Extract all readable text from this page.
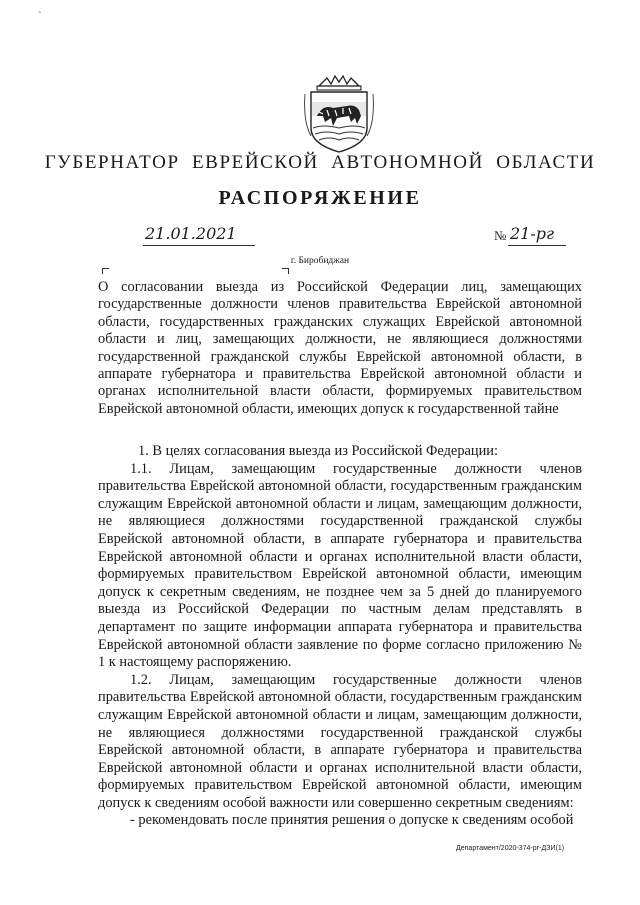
`
ГУБЕРНАТОР ЕВРЕЙСКОЙ АВТОНОМНОЙ ОБЛАСТИ
РАСПОРЯЖЕНИЕ
21.01.2021	№ 21-рг
г. Биробиджан
О согласовании выезда из Российской Федерации лиц, замещающих государственные должности членов правительства Еврейской автономной области, государственных гражданских служащих Еврейской автономной области и лиц, замещающих должности, не являющиеся должностями государственной гражданской службы Еврейской автономной области, в аппарате губернатора и правительства Еврейской автономной области и органах исполнительной власти области, формируемых правительством Еврейской автономной области, имеющих допуск к государственной тайне

1. В целях согласования выезда из Российской Федерации:

1.1. Лицам, замещающим государственные должности членов правительства Еврейской автономной области, государственным гражданским служащим Еврейской автономной области и лицам, замещающим должности, не являющиеся должностями государственной гражданской службы Еврейской автономной области, в аппарате губернатора и правительства Еврейской автономной области и органах исполнительной власти области, формируемых правительством Еврейской автономной области, имеющим допуск к секретным сведениям, не позднее чем за 5 дней до планируемого выезда из Российской Федерации по частным делам представлять в департамент по защите информации аппарата губернатора и правительства Еврейской автономной области заявление по форме согласно приложению № 1 к настоящему распоряжению.

1.2. Лицам, замещающим государственные должности членов правительства Еврейской автономной области, государственным гражданским служащим Еврейской автономной области и лицам, замещающим должности, не являющиеся должностями государственной гражданской службы Еврейской автономной области, в аппарате губернатора и правительства Еврейской автономной области и органах исполнительной власти области, формируемых правительством Еврейской автономной области, имеющим допуск к сведениям особой важности или совершенно секретным сведениям:

- рекомендовать после принятия решения о допуске к сведениям особой

Департамент/2020-374-рг-ДЗИ(1)
